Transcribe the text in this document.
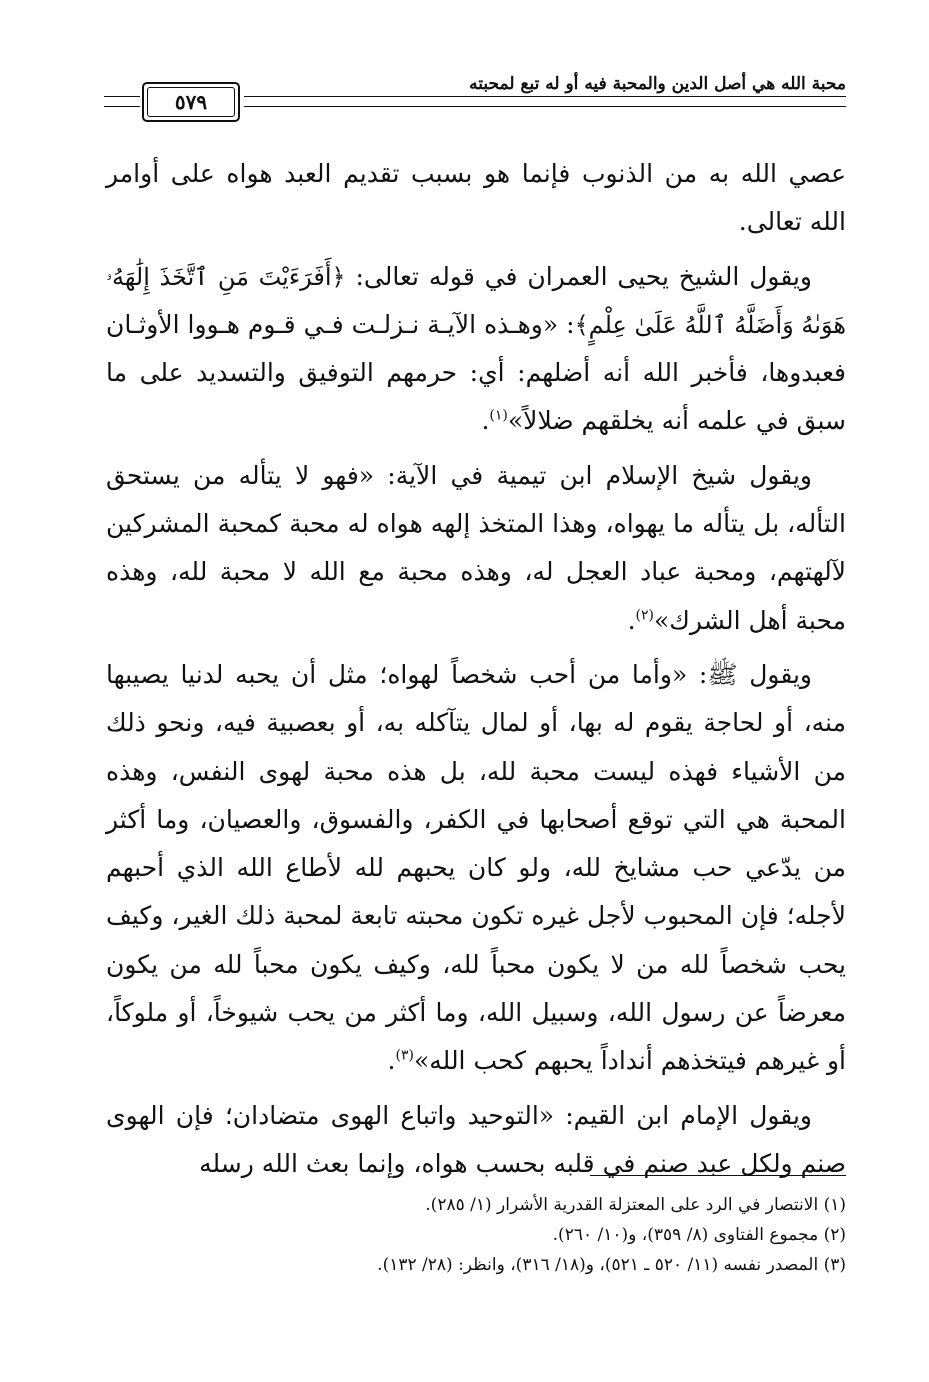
محبة الله هي أصل الدين والمحبة فيه أو له تبع لمحبته
٥٧٩

عصي الله به من الذنوب فإنما هو بسبب تقديم العبد هواه على أوامر الله تعالى.

ويقول الشيخ يحيى العمران في قوله تعالى: ﴿أَفَرَءَيْتَ مَنِ ٱتَّخَذَ إِلَٰهَهُۥ هَوَىٰهُ وَأَضَلَّهُ ٱللَّهُ عَلَىٰ عِلْمٍ﴾: «وهـذه الآيـة نـزلـت فـي قـوم هـووا الأوثـان فعبدوها، فأخبر الله أنه أضلهم: أي: حرمهم التوفيق والتسديد على ما سبق في علمه أنه يخلقهم ضلالاً»$^{(١)}$.

ويقول شيخ الإسلام ابن تيمية في الآية: «فهو لا يتأله من يستحق التأله، بل يتأله ما يهواه، وهذا المتخذ إلهه هواه له محبة كمحبة المشركين لآلهتهم، ومحبة عباد العجل له، وهذه محبة مع الله لا محبة لله، وهذه محبة أهل الشرك»$^{(٢)}$.

ويقول ﷺ: «وأما من أحب شخصاً لهواه؛ مثل أن يحبه لدنيا يصيبها منه، أو لحاجة يقوم له بها، أو لمال يتآكله به، أو بعصبية فيه، ونحو ذلك من الأشياء فهذه ليست محبة لله، بل هذه محبة لهوى النفس، وهذه المحبة هي التي توقع أصحابها في الكفر، والفسوق، والعصيان، وما أكثر من يدّعي حب مشايخ لله، ولو كان يحبهم لله لأطاع الله الذي أحبهم لأجله؛ فإن المحبوب لأجل غيره تكون محبته تابعة لمحبة ذلك الغير، وكيف يحب شخصاً لله من لا يكون محباً لله، وكيف يكون محباً لله من يكون معرضاً عن رسول الله، وسبيل الله، وما أكثر من يحب شيوخاً، أو ملوكاً، أو غيرهم فيتخذهم أنداداً يحبهم كحب الله»$^{(٣)}$.

ويقول الإمام ابن القيم: «التوحيد واتباع الهوى متضادان؛ فإن الهوى صنم ولكل عبد صنم في قلبه بحسب هواه، وإنما بعث الله رسله

(١) الانتصار في الرد على المعتزلة القدرية الأشرار (١/ ٢٨٥).
(٢) مجموع الفتاوى (٨/ ٣٥٩)، و(١٠/ ٢٦٠).
(٣) المصدر نفسه (١١/ ٥٢٠ ـ ٥٢١)، و(١٨/ ٣١٦)، وانظر: (٢٨/ ١٣٢).
